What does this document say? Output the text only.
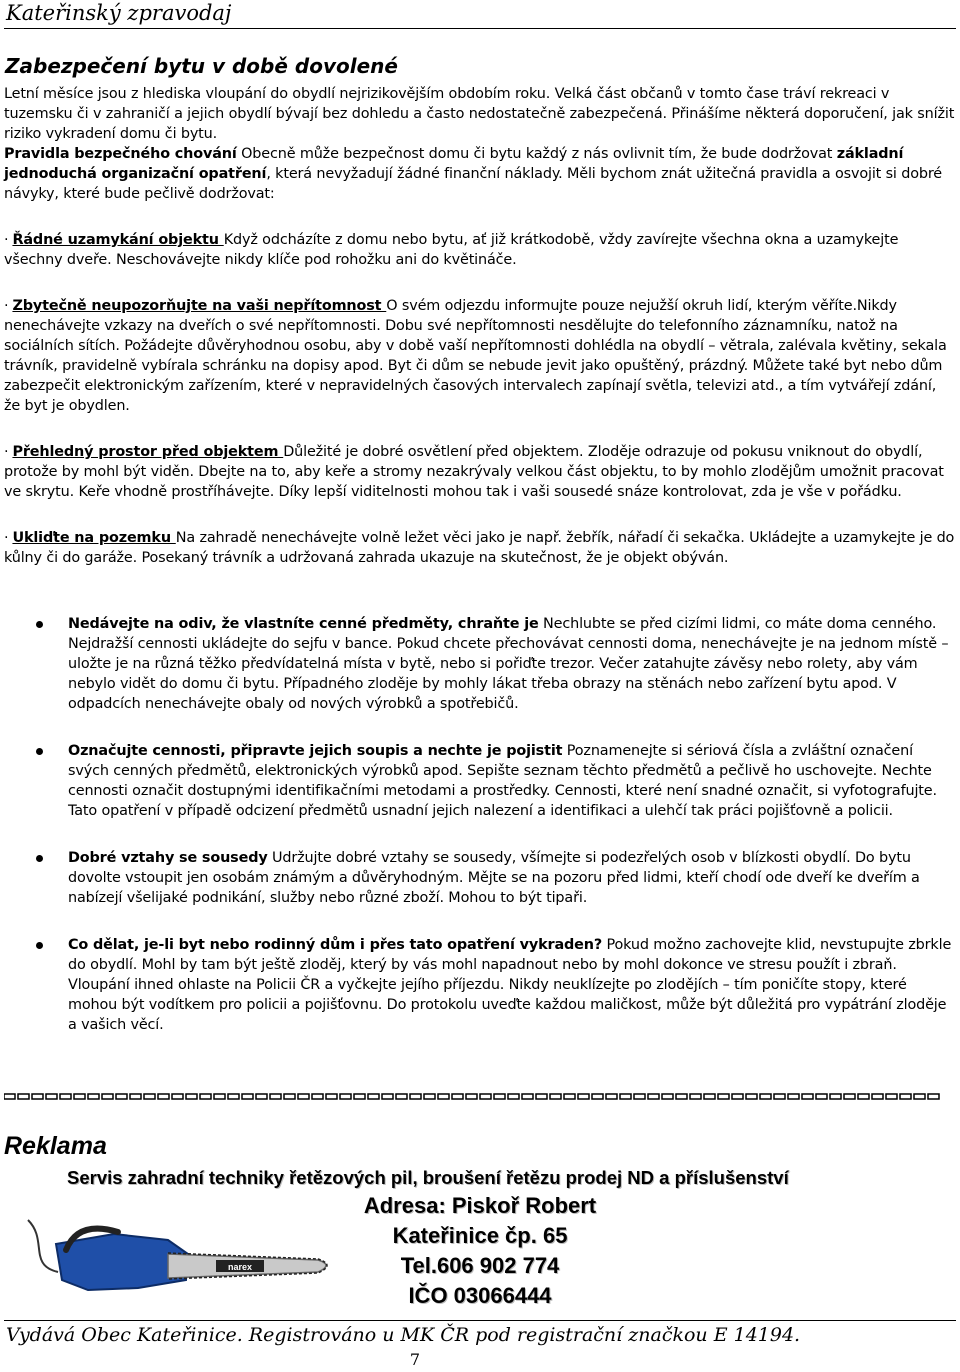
Kateřinský zpravodaj
Zabezpečení bytu v době dovolené
Letní měsíce jsou z hlediska vloupání do obydlí nejrizikovějším obdobím roku. Velká část občanů v tomto čase tráví rekreaci v tuzemsku či v zahraničí a jejich obydlí bývají bez dohledu a často nedostatečně zabezpečená. Přinášíme některá doporučení, jak snížit riziko vykradení domu či bytu.
Pravidla bezpečného chování Obecně může bezpečnost domu či bytu každý z nás ovlivnit tím, že bude dodržovat základní jednoduchá organizační opatření, která nevyžadují žádné finanční náklady. Měli bychom znát užitečná pravidla a osvojit si dobré návyky, které bude pečlivě dodržovat:
· Řádné uzamykání objektu Když odcházíte z domu nebo bytu, ať již krátkodobě, vždy zavírejte všechna okna a uzamykejte všechny dveře. Neschovávejte nikdy klíče pod rohožku ani do květináče.
· Zbytečně neupozorňujte na vaši nepřítomnost O svém odjezdu informujte pouze nejužší okruh lidí, kterým věříte.Nikdy nenechávejte vzkazy na dveřích o své nepřítomnosti. Dobu své nepřítomnosti nesdělujte do telefonního záznamníku, natož na sociálních sítích. Požádejte důvěryhodnou osobu, aby v době vaší nepřítomnosti dohlédla na obydlí – větrala, zalévala květiny, sekala trávník, pravidelně vybírala schránku na dopisy apod. Byt či dům se nebude jevit jako opuštěný, prázdný. Můžete také byt nebo dům zabezpečit elektronickým zařízením, které v nepravidelných časových intervalech zapínají světla, televizi atd., a tím vytvářejí zdání, že byt je obydlen.
· Přehledný prostor před objektem Důležité je dobré osvětlení před objektem. Zloděje odrazuje od pokusu vniknout do obydlí, protože by mohl být viděn. Dbejte na to, aby keře a stromy nezakrývaly velkou část objektu, to by mohlo zlodějům umožnit pracovat ve skrytu. Keře vhodně prostříhávejte. Díky lepší viditelnosti mohou tak i vaši sousedé snáze kontrolovat, zda je vše v pořádku.
· Ukliďte na pozemku Na zahradě nenechávejte volně ležet věci jako je např. žebřík, nářadí či sekačka. Ukládejte a uzamykejte je do kůlny či do garáže. Posekaný trávník a udržovaná zahrada ukazuje na skutečnost, že je objekt obýván.
Nedávejte na odiv, že vlastníte cenné předměty, chraňte je Nechlubte se před cizími lidmi, co máte doma cenného. Nejdražší cennosti ukládejte do sejfu v bance. Pokud chcete přechovávat cennosti doma, nenechávejte je na jednom místě – uložte je na různá těžko předvídatelná místa v bytě, nebo si pořiďte trezor. Večer zatahujte závěsy nebo rolety, aby vám nebylo vidět do domu či bytu. Případného zloděje by mohly lákat třeba obrazy na stěnách nebo zařízení bytu apod. V odpadcích nenechávejte obaly od nových výrobků a spotřebičů.
Označujte cennosti, připravte jejich soupis a nechte je pojistit Poznamenejte si sériová čísla a zvláštní označení svých cenných předmětů, elektronických výrobků apod. Sepište seznam těchto předmětů a pečlivě ho uschovejte. Nechte cennosti označit dostupnými identifikačními metodami a prostředky. Cennosti, které není snadné označit, si vyfotografujte. Tato opatření v případě odcizení předmětů usnadní jejich nalezení a identifikaci a ulehčí tak práci pojišťovně a policii.
Dobré vztahy se sousedy Udržujte dobré vztahy se sousedy, všímejte si podezřelých osob v blízkosti obydlí. Do bytu dovolte vstoupit jen osobám známým a důvěryhodným. Mějte se na pozoru před lidmi, kteří chodí ode dveří ke dveřím a nabízejí všelijaké podnikání, služby nebo různé zboží. Mohou to být tipaři.
Co dělat, je-li byt nebo rodinný dům i přes tato opatření vykraden? Pokud možno zachovejte klid, nevstupujte zbrkle do obydlí. Mohl by tam být ještě zloděj, který by vás mohl napadnout nebo by mohl dokonce ve stresu použít i zbraň. Vloupání ihned ohlaste na Policii ČR a vyčkejte jejího příjezdu. Nikdy neuklízejte po zlodějích – tím poničíte stopy, které mohou být vodítkem pro policii a pojišťovnu. Do protokolu uveďte každou maličkost, může být důležitá pro vypátrání zloděje a vašich věcí.
Reklama
Servis zahradní techniky řetězových pil, broušení řetězu prodej ND a příslušenství
Adresa: Piskoř Robert
Kateřinice čp. 65
Tel.606 902 774
IČO 03066444
narex
Vydává Obec Kateřinice. Registrováno u MK ČR pod registrační značkou E 14194.
7
